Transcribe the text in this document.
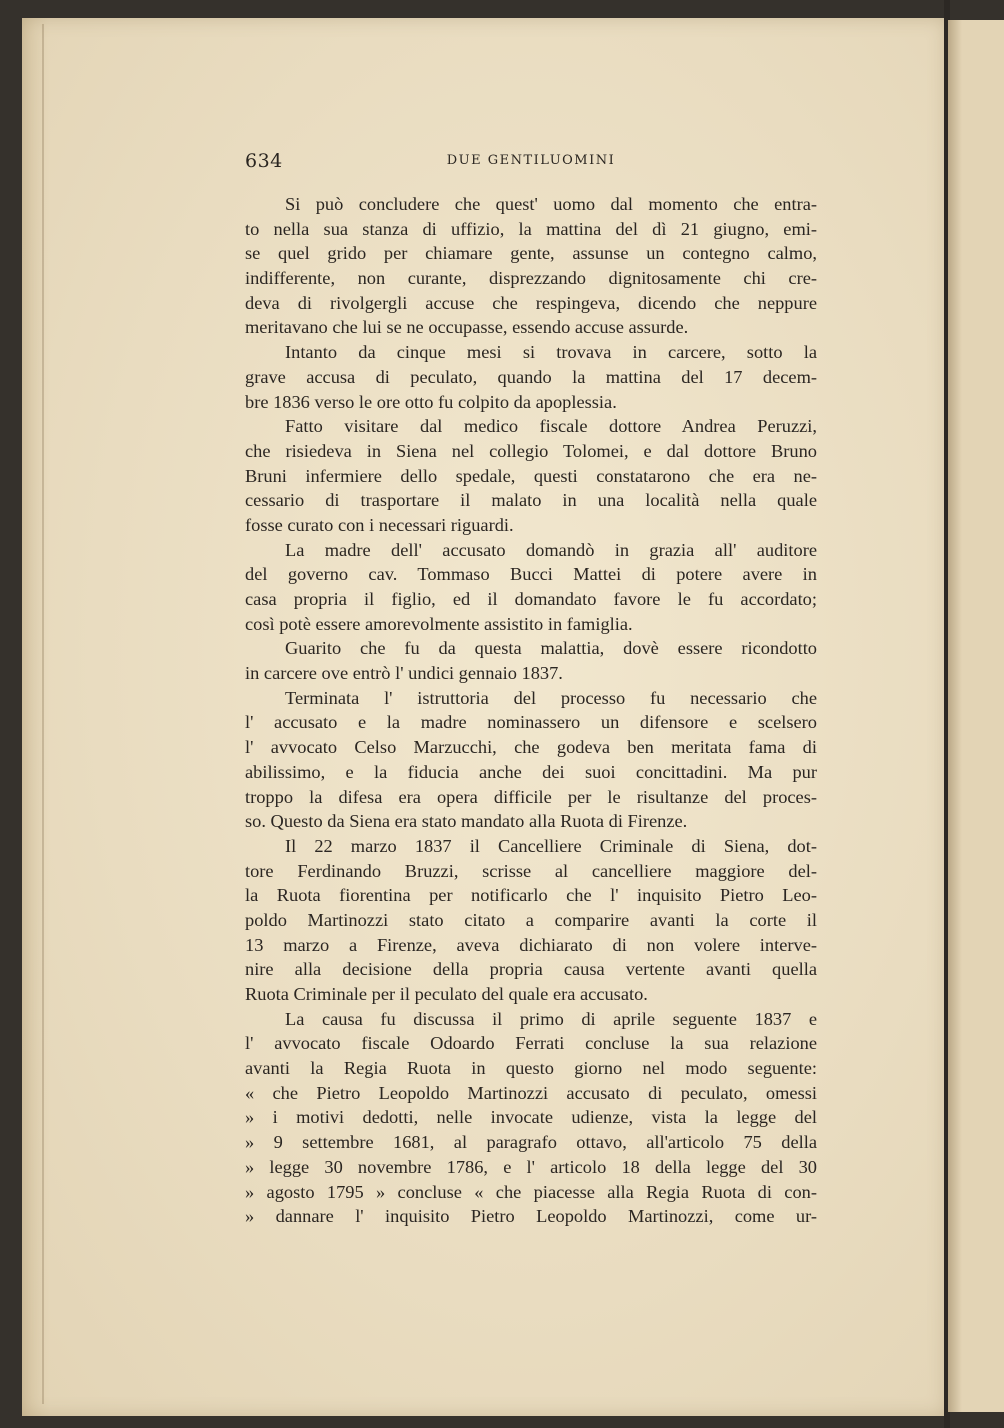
634	DUE GENTILUOMINI
Si può concludere che quest' uomo dal momento che entra-
to nella sua stanza di uffizio, la mattina del dì 21 giugno, emi-
se quel grido per chiamare gente, assunse un contegno calmo,
indifferente, non curante, disprezzando dignitosamente chi cre-
deva di rivolgergli accuse che respingeva, dicendo che neppure
meritavano che lui se ne occupasse, essendo accuse assurde.
Intanto da cinque mesi si trovava in carcere, sotto la
grave accusa di peculato, quando la mattina del 17 decem-
bre 1836 verso le ore otto fu colpito da apoplessia.
Fatto visitare dal medico fiscale dottore Andrea Peruzzi,
che risiedeva in Siena nel collegio Tolomei, e dal dottore Bruno
Bruni infermiere dello spedale, questi constatarono che era ne-
cessario di trasportare il malato in una località nella quale
fosse curato con i necessari riguardi.
La madre dell' accusato domandò in grazia all' auditore
del governo cav. Tommaso Bucci Mattei di potere avere in
casa propria il figlio, ed il domandato favore le fu accordato;
così potè essere amorevolmente assistito in famiglia.
Guarito che fu da questa malattia, dovè essere ricondotto
in carcere ove entrò l' undici gennaio 1837.
Terminata l' istruttoria del processo fu necessario che
l' accusato e la madre nominassero un difensore e scelsero
l' avvocato Celso Marzucchi, che godeva ben meritata fama di
abilissimo, e la fiducia anche dei suoi concittadini. Ma pur
troppo la difesa era opera difficile per le risultanze del proces-
so. Questo da Siena era stato mandato alla Ruota di Firenze.
Il 22 marzo 1837 il Cancelliere Criminale di Siena, dot-
tore Ferdinando Bruzzi, scrisse al cancelliere maggiore del-
la Ruota fiorentina per notificarlo che l' inquisito Pietro Leo-
poldo Martinozzi stato citato a comparire avanti la corte il
13 marzo a Firenze, aveva dichiarato di non volere interve-
nire alla decisione della propria causa vertente avanti quella
Ruota Criminale per il peculato del quale era accusato.
La causa fu discussa il primo di aprile seguente 1837 e
l' avvocato fiscale Odoardo Ferrati concluse la sua relazione
avanti la Regia Ruota in questo giorno nel modo seguente:
« che Pietro Leopoldo Martinozzi accusato di peculato, omessi
» i motivi dedotti, nelle invocate udienze, vista la legge del
» 9 settembre 1681, al paragrafo ottavo, all'articolo 75 della
» legge 30 novembre 1786, e l' articolo 18 della legge del 30
» agosto 1795 » concluse « che piacesse alla Regia Ruota di con-
» dannare l' inquisito Pietro Leopoldo Martinozzi, come ur-
